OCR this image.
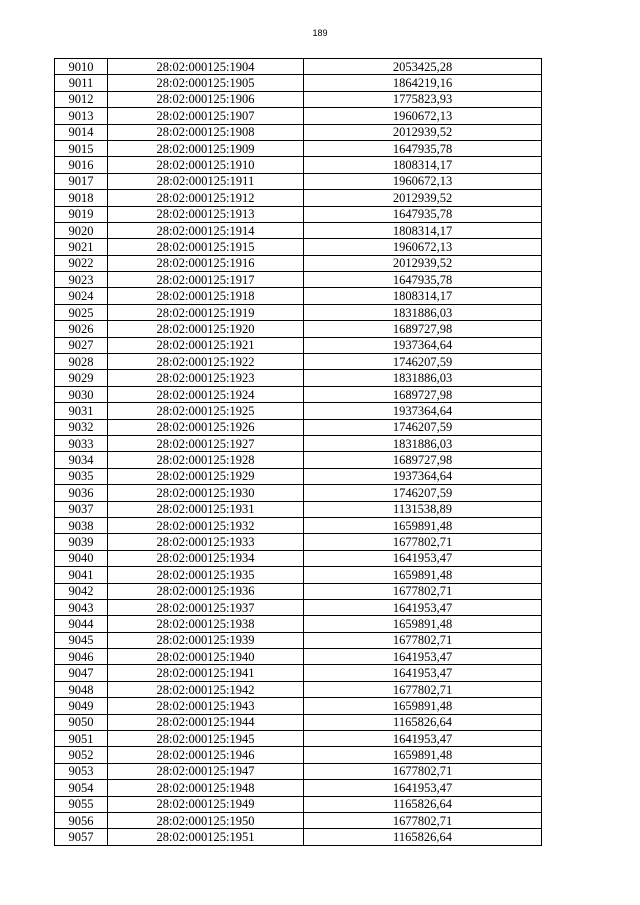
189
9010	28:02:000125:1904	2053425,28
9011	28:02:000125:1905	1864219,16
9012	28:02:000125:1906	1775823,93
9013	28:02:000125:1907	1960672,13
9014	28:02:000125:1908	2012939,52
9015	28:02:000125:1909	1647935,78
9016	28:02:000125:1910	1808314,17
9017	28:02:000125:1911	1960672,13
9018	28:02:000125:1912	2012939,52
9019	28:02:000125:1913	1647935,78
9020	28:02:000125:1914	1808314,17
9021	28:02:000125:1915	1960672,13
9022	28:02:000125:1916	2012939,52
9023	28:02:000125:1917	1647935,78
9024	28:02:000125:1918	1808314,17
9025	28:02:000125:1919	1831886,03
9026	28:02:000125:1920	1689727,98
9027	28:02:000125:1921	1937364,64
9028	28:02:000125:1922	1746207,59
9029	28:02:000125:1923	1831886,03
9030	28:02:000125:1924	1689727,98
9031	28:02:000125:1925	1937364,64
9032	28:02:000125:1926	1746207,59
9033	28:02:000125:1927	1831886,03
9034	28:02:000125:1928	1689727,98
9035	28:02:000125:1929	1937364,64
9036	28:02:000125:1930	1746207,59
9037	28:02:000125:1931	1131538,89
9038	28:02:000125:1932	1659891,48
9039	28:02:000125:1933	1677802,71
9040	28:02:000125:1934	1641953,47
9041	28:02:000125:1935	1659891,48
9042	28:02:000125:1936	1677802,71
9043	28:02:000125:1937	1641953,47
9044	28:02:000125:1938	1659891,48
9045	28:02:000125:1939	1677802,71
9046	28:02:000125:1940	1641953,47
9047	28:02:000125:1941	1641953,47
9048	28:02:000125:1942	1677802,71
9049	28:02:000125:1943	1659891,48
9050	28:02:000125:1944	1165826,64
9051	28:02:000125:1945	1641953,47
9052	28:02:000125:1946	1659891,48
9053	28:02:000125:1947	1677802,71
9054	28:02:000125:1948	1641953,47
9055	28:02:000125:1949	1165826,64
9056	28:02:000125:1950	1677802,71
9057	28:02:000125:1951	1165826,64
